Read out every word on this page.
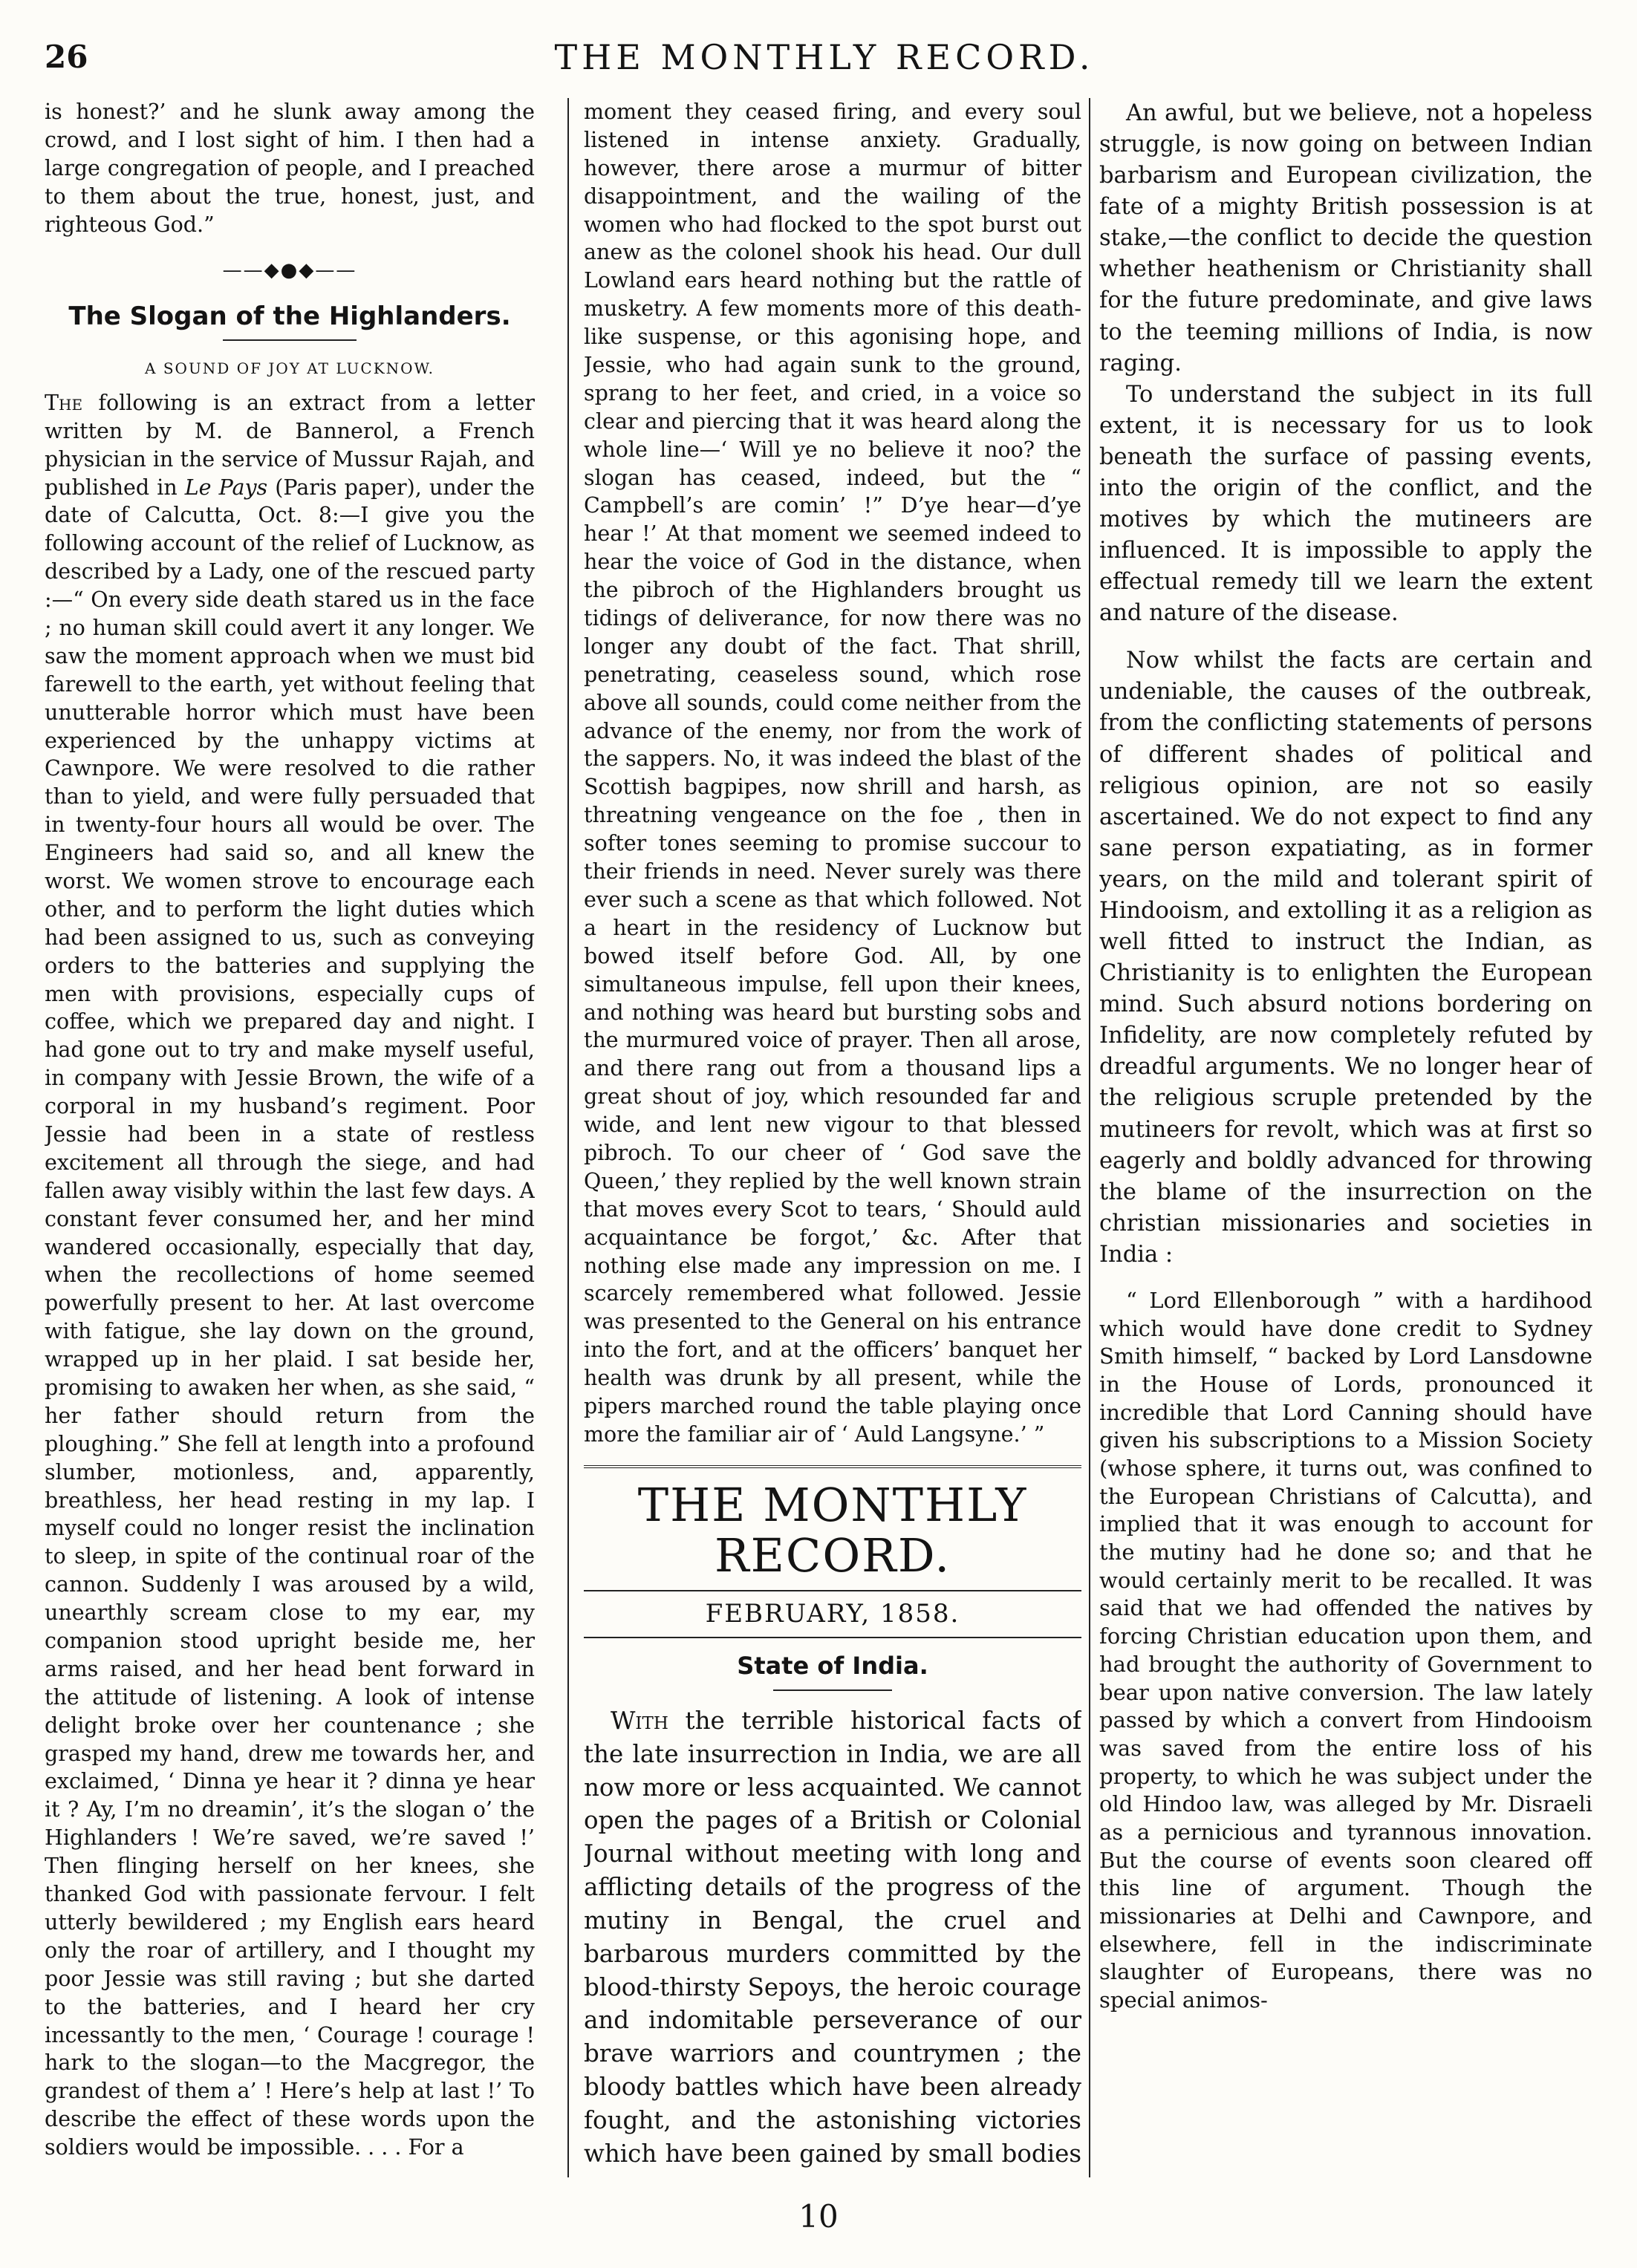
26	THE MONTHLY RECORD.

is honest?’ and he slunk away among the crowd, and I lost sight of him. I then had a large congregation of people, and I preached to them about the true, honest, just, and righteous God.”

——◆●◆——
The Slogan of the Highlanders.
A SOUND OF JOY AT LUCKNOW.

The following is an extract from a letter written by M. de Bannerol, a French physician in the service of Mussur Rajah, and published in Le Pays (Paris paper), under the date of Calcutta, Oct. 8:—I give you the following account of the relief of Lucknow, as described by a Lady, one of the rescued party :—“ On every side death stared us in the face ; no human skill could avert it any longer. We saw the moment approach when we must bid farewell to the earth, yet without feeling that unutterable horror which must have been experienced by the unhappy victims at Cawnpore. We were resolved to die rather than to yield, and were fully persuaded that in twenty-four hours all would be over. The Engineers had said so, and all knew the worst. We women strove to encourage each other, and to perform the light duties which had been assigned to us, such as conveying orders to the batteries and supplying the men with provisions, especially cups of coffee, which we prepared day and night. I had gone out to try and make myself useful, in company with Jessie Brown, the wife of a corporal in my husband’s regiment. Poor Jessie had been in a state of restless excitement all through the siege, and had fallen away visibly within the last few days. A constant fever consumed her, and her mind wandered occasionally, especially that day, when the recollections of home seemed powerfully present to her. At last overcome with fatigue, she lay down on the ground, wrapped up in her plaid. I sat beside her, promising to awaken her when, as she said, “ her father should return from the ploughing.” She fell at length into a profound slumber, motionless, and, apparently, breathless, her head resting in my lap. I myself could no longer resist the inclination to sleep, in spite of the continual roar of the cannon. Suddenly I was aroused by a wild, unearthly scream close to my ear, my companion stood upright beside me, her arms raised, and her head bent forward in the attitude of listening. A look of intense delight broke over her countenance ; she grasped my hand, drew me towards her, and exclaimed, ‘ Dinna ye hear it ? dinna ye hear it ? Ay, I’m no dreamin’, it’s the slogan o’ the Highlanders ! We’re saved, we’re saved !’ Then flinging herself on her knees, she thanked God with passionate fervour. I felt utterly bewildered ; my English ears heard only the roar of artillery, and I thought my poor Jessie was still raving ; but she darted to the batteries, and I heard her cry incessantly to the men, ‘ Courage ! courage ! hark to the slogan—to the Macgregor, the grandest of them a’ ! Here’s help at last !’ To describe the effect of these words upon the soldiers would be impossible. . . . For a

moment they ceased firing, and every soul listened in intense anxiety. Gradually, however, there arose a murmur of bitter disappointment, and the wailing of the women who had flocked to the spot burst out anew as the colonel shook his head. Our dull Lowland ears heard nothing but the rattle of musketry. A few moments more of this death-like suspense, or this agonising hope, and Jessie, who had again sunk to the ground, sprang to her feet, and cried, in a voice so clear and piercing that it was heard along the whole line—‘ Will ye no believe it noo? the slogan has ceased, indeed, but the “ Campbell’s are comin’ !” D’ye hear—d’ye hear !’ At that moment we seemed indeed to hear the voice of God in the distance, when the pibroch of the Highlanders brought us tidings of deliverance, for now there was no longer any doubt of the fact. That shrill, penetrating, ceaseless sound, which rose above all sounds, could come neither from the advance of the enemy, nor from the work of the sappers. No, it was indeed the blast of the Scottish bagpipes, now shrill and harsh, as threatning vengeance on the foe , then in softer tones seeming to promise succour to their friends in need. Never surely was there ever such a scene as that which followed. Not a heart in the residency of Lucknow but bowed itself before God. All, by one simultaneous impulse, fell upon their knees, and nothing was heard but bursting sobs and the murmured voice of prayer. Then all arose, and there rang out from a thousand lips a great shout of joy, which resounded far and wide, and lent new vigour to that blessed pibroch. To our cheer of ‘ God save the Queen,’ they replied by the well known strain that moves every Scot to tears, ‘ Should auld acquaintance be forgot,’ &c. After that nothing else made any impression on me. I scarcely remembered what followed. Jessie was presented to the General on his entrance into the fort, and at the officers’ banquet her health was drunk by all present, while the pipers marched round the table playing once more the familiar air of ‘ Auld Langsyne.’ ”

THE MONTHLY RECORD.
FEBRUARY, 1858.
State of India.

With the terrible historical facts of the late insurrection in India, we are all now more or less acquainted. We cannot open the pages of a British or Colonial Journal without meeting with long and afflicting details of the progress of the mutiny in Bengal, the cruel and barbarous murders committed by the blood-thirsty Sepoys, the heroic courage and indomitable perseverance of our brave warriors and countrymen ; the bloody battles which have been already fought, and the astonishing victories which have been gained by small bodies

An awful, but we believe, not a hopeless struggle, is now going on between Indian barbarism and European civilization, the fate of a mighty British possession is at stake,—the conflict to decide the question whether heathenism or Christianity shall for the future predominate, and give laws to the teeming millions of India, is now raging.

To understand the subject in its full extent, it is necessary for us to look beneath the surface of passing events, into the origin of the conflict, and the motives by which the mutineers are influenced. It is impossible to apply the effectual remedy till we learn the extent and nature of the disease.

Now whilst the facts are certain and undeniable, the causes of the outbreak, from the conflicting statements of persons of different shades of political and religious opinion, are not so easily ascertained. We do not expect to find any sane person expatiating, as in former years, on the mild and tolerant spirit of Hindooism, and extolling it as a religion as well fitted to instruct the Indian, as Christianity is to enlighten the European mind. Such absurd notions bordering on Infidelity, are now completely refuted by dreadful arguments. We no longer hear of the religious scruple pretended by the mutineers for revolt, which was at first so eagerly and boldly advanced for throwing the blame of the insurrection on the christian missionaries and societies in India :

“ Lord Ellenborough ” with a hardihood which would have done credit to Sydney Smith himself, “ backed by Lord Lansdowne in the House of Lords, pronounced it incredible that Lord Canning should have given his subscriptions to a Mission Society (whose sphere, it turns out, was confined to the European Christians of Calcutta), and implied that it was enough to account for the mutiny had he done so; and that he would certainly merit to be recalled. It was said that we had offended the natives by forcing Christian education upon them, and had brought the authority of Government to bear upon native conversion. The law lately passed by which a convert from Hindooism was saved from the entire loss of his property, to which he was subject under the old Hindoo law, was alleged by Mr. Disraeli as a pernicious and tyrannous innovation. But the course of events soon cleared off this line of argument. Though the missionaries at Delhi and Cawnpore, and elsewhere, fell in the indiscriminate slaughter of Europeans, there was no special animos-

10
